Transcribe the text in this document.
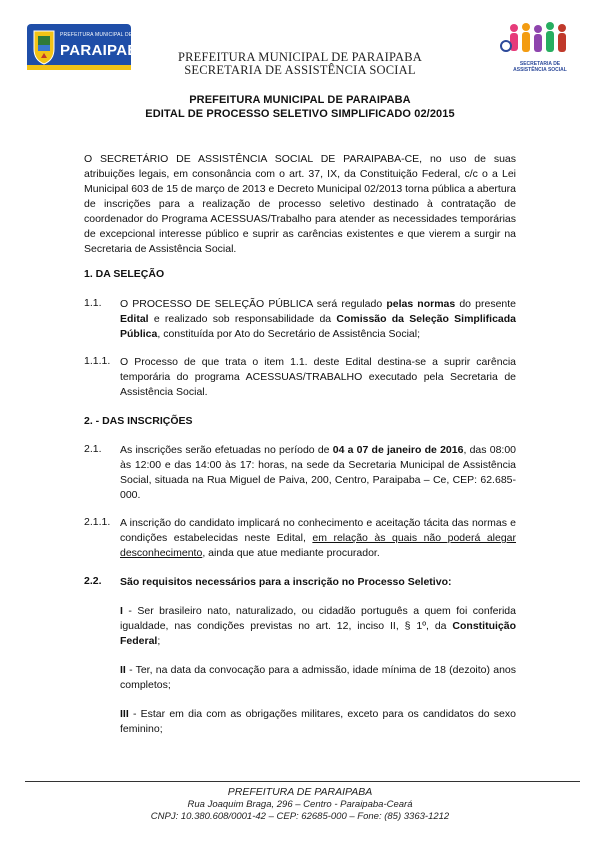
PREFEITURA MUNICIPAL DE
PARAIPABA
SECRETARIA DE
ASSISTÊNCIA SOCIAL
PREFEITURA MUNICIPAL DE PARAIPABA
SECRETARIA DE ASSISTÊNCIA SOCIAL
PREFEITURA MUNICIPAL DE PARAIPABA
EDITAL DE PROCESSO SELETIVO SIMPLIFICADO 02/2015
O SECRETÁRIO DE ASSISTÊNCIA SOCIAL DE PARAIPABA-CE, no uso de suas atribuições legais, em consonância com o art. 37, IX, da Constituição Federal, c/c o a Lei Municipal 603 de 15 de março de 2013 e Decreto Municipal 02/2013 torna pública a abertura de inscrições para a realização de processo seletivo destinado à contratação de coordenador do Programa ACESSUAS/Trabalho para atender as necessidades temporárias de excepcional interesse público e suprir as carências existentes e que vierem a surgir na Secretaria de Assistência Social.
1. DA SELEÇÃO
1.1. O PROCESSO DE SELEÇÃO PÚBLICA será regulado pelas normas do presente Edital e realizado sob responsabilidade da Comissão da Seleção Simplificada Pública, constituída por Ato do Secretário de Assistência Social;
1.1.1. O Processo de que trata o item 1.1. deste Edital destina-se a suprir carência temporária do programa ACESSUAS/TRABALHO executado pela Secretaria de Assistência Social.
2. - DAS INSCRIÇÕES
2.1. As inscrições serão efetuadas no período de 04 a 07 de janeiro de 2016, das 08:00 às 12:00 e das 14:00 às 17: horas, na sede da Secretaria Municipal de Assistência Social, situada na Rua Miguel de Paiva, 200, Centro, Paraipaba – Ce, CEP: 62.685-000.
2.1.1. A inscrição do candidato implicará no conhecimento e aceitação tácita das normas e condições estabelecidas neste Edital, em relação às quais não poderá alegar desconhecimento, ainda que atue mediante procurador.
2.2. São requisitos necessários para a inscrição no Processo Seletivo:
I - Ser brasileiro nato, naturalizado, ou cidadão português a quem foi conferida igualdade, nas condições previstas no art. 12, inciso II, § 1º, da Constituição Federal;
II - Ter, na data da convocação para a admissão, idade mínima de 18 (dezoito) anos completos;
III - Estar em dia com as obrigações militares, exceto para os candidatos do sexo feminino;
PREFEITURA DE PARAIPABA
Rua Joaquim Braga, 296 – Centro - Paraipaba-Ceará
CNPJ: 10.380.608/0001-42 – CEP: 62685-000 – Fone: (85) 3363-1212
